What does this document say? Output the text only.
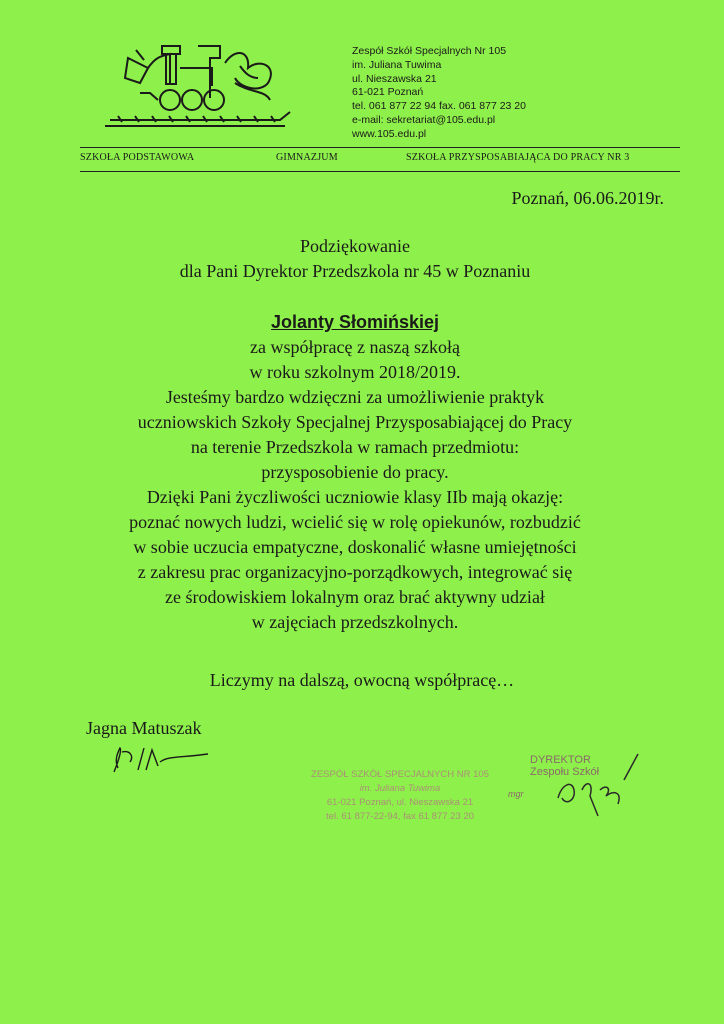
Zespół Szkół Specjalnych Nr 105
im. Juliana Tuwima
ul. Nieszawska 21
61-021 Poznań
tel. 061 877 22 94 fax. 061 877 23 20
e-mail: sekretariat@105.edu.pl
www.105.edu.pl
SZKOŁA PODSTAWOWA	GIMNAZJUM	SZKOŁA PRZYSPOSABIAJĄCA DO PRACY NR 3
Poznań, 06.06.2019r.
Podziękowanie
dla Pani Dyrektor Przedszkola nr 45 w Poznaniu
Jolanty Słomińskiej
za współpracę z naszą szkołą
w roku szkolnym 2018/2019.
Jesteśmy bardzo wdzięczni za umożliwienie praktyk
uczniowskich Szkoły Specjalnej Przysposabiającej do Pracy
na terenie Przedszkola w ramach przedmiotu:
przysposobienie do pracy.
Dzięki Pani życzliwości uczniowie klasy IIb mają okazję:
poznać nowych ludzi, wcielić się w rolę opiekunów, rozbudzić
w sobie uczucia empatyczne, doskonalić własne umiejętności
z zakresu prac organizacyjno-porządkowych, integrować się
ze środowiskiem lokalnym oraz brać aktywny udział
w zajęciach przedszkolnych.
Liczymy na dalszą, owocną współpracę…
Jagna Matuszak
ZESPÓŁ SZKÓŁ SPECJALNYCH NR 105
im. Juliana Tuwima
61-021 Poznań, ul. Nieszawska 21
tel. 61 877-22-94, fax 61 877 23 20
DYREKTOR
Zespołu Szkół
mgr
